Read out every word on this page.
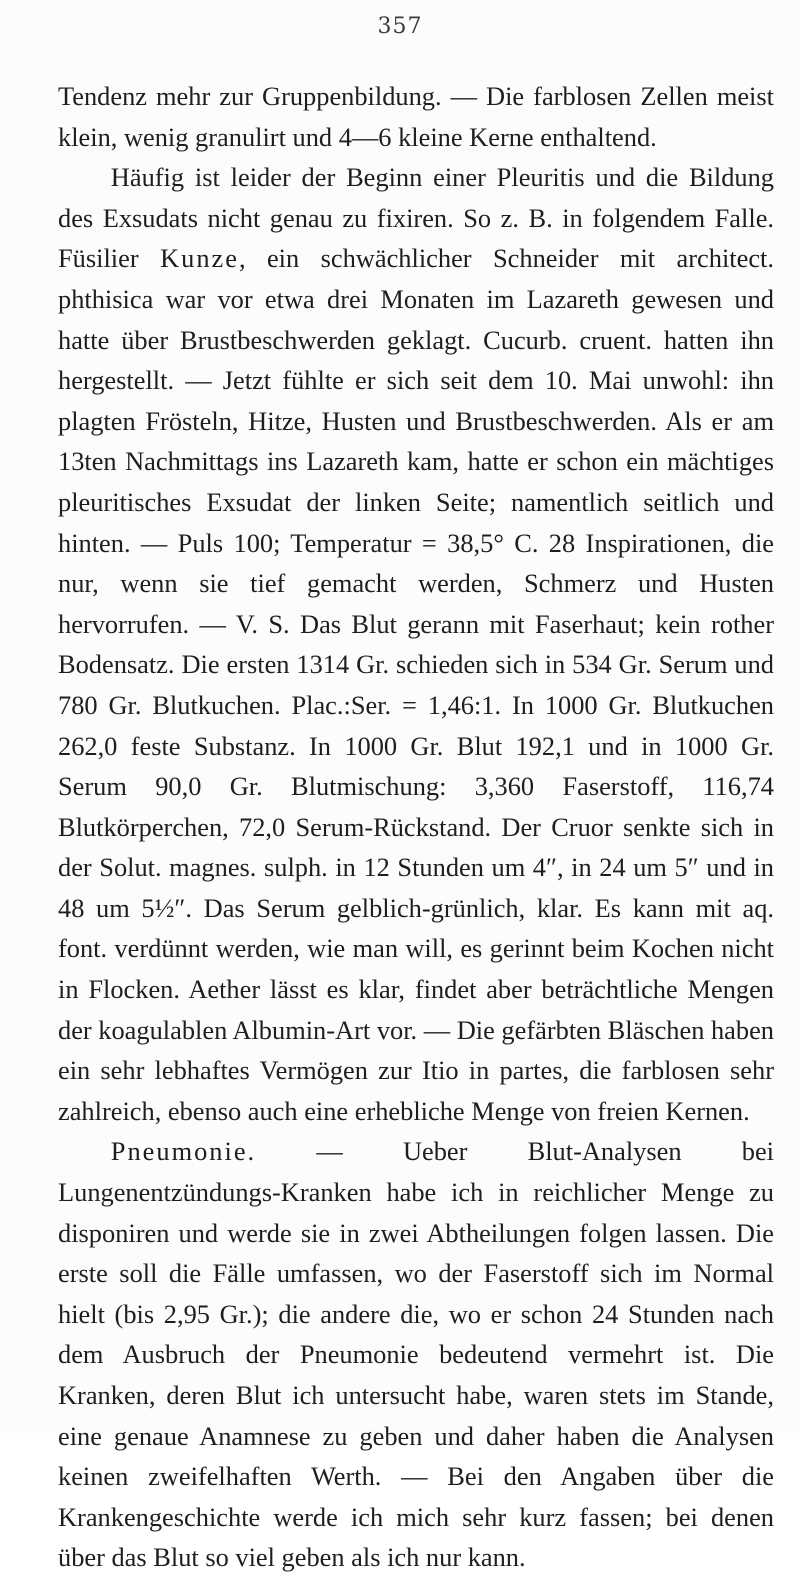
357

Tendenz mehr zur Gruppenbildung. — Die farblosen Zellen meist klein, wenig granulirt und 4—6 kleine Kerne enthaltend.

Häufig ist leider der Beginn einer Pleuritis und die Bildung des Exsudats nicht genau zu fixiren. So z. B. in folgendem Falle. Füsilier Kunze, ein schwächlicher Schneider mit architect. phthisica war vor etwa drei Monaten im Lazareth gewesen und hatte über Brustbeschwerden geklagt. Cucurb. cruent. hatten ihn hergestellt. — Jetzt fühlte er sich seit dem 10. Mai unwohl: ihn plagten Frösteln, Hitze, Husten und Brustbeschwerden. Als er am 13ten Nachmittags ins Lazareth kam, hatte er schon ein mächtiges pleuritisches Exsudat der linken Seite; namentlich seitlich und hinten. — Puls 100; Temperatur = 38,5° C. 28 Inspirationen, die nur, wenn sie tief gemacht werden, Schmerz und Husten hervorrufen. — V. S. Das Blut gerann mit Faserhaut; kein rother Bodensatz. Die ersten 1314 Gr. schieden sich in 534 Gr. Serum und 780 Gr. Blutkuchen. Plac.:Ser. = 1,46:1. In 1000 Gr. Blutkuchen 262,0 feste Substanz. In 1000 Gr. Blut 192,1 und in 1000 Gr. Serum 90,0 Gr. Blutmischung: 3,360 Faserstoff, 116,74 Blutkörperchen, 72,0 Serum-Rückstand. Der Cruor senkte sich in der Solut. magnes. sulph. in 12 Stunden um 4″, in 24 um 5″ und in 48 um 5½″. Das Serum gelblich-grünlich, klar. Es kann mit aq. font. verdünnt werden, wie man will, es gerinnt beim Kochen nicht in Flocken. Aether lässt es klar, findet aber beträchtliche Mengen der koagulablen Albumin-Art vor. — Die gefärbten Bläschen haben ein sehr lebhaftes Vermögen zur Itio in partes, die farblosen sehr zahlreich, ebenso auch eine erhebliche Menge von freien Kernen.

Pneumonie. — Ueber Blut-Analysen bei Lungenentzündungs-Kranken habe ich in reichlicher Menge zu disponiren und werde sie in zwei Abtheilungen folgen lassen. Die erste soll die Fälle umfassen, wo der Faserstoff sich im Normal hielt (bis 2,95 Gr.); die andere die, wo er schon 24 Stunden nach dem Ausbruch der Pneumonie bedeutend vermehrt ist. Die Kranken, deren Blut ich untersucht habe, waren stets im Stande, eine genaue Anamnese zu geben und daher haben die Analysen keinen zweifelhaften Werth. — Bei den Angaben über die Krankengeschichte werde ich mich sehr kurz fassen; bei denen über das Blut so viel geben als ich nur kann.
